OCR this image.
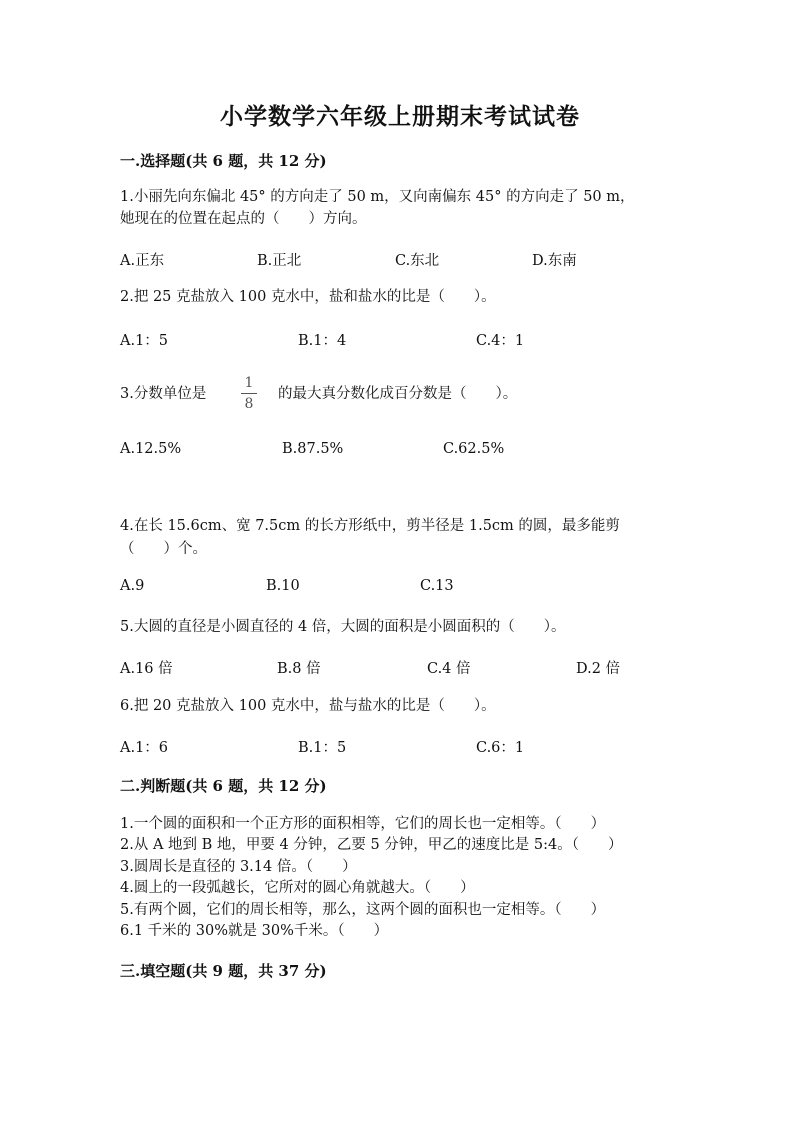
小学数学六年级上册期末考试试卷
一.选择题(共 6 题，共 12 分)
1.小丽先向东偏北 45° 的方向走了 50 m，又向南偏东 45° 的方向走了 50 m，
她现在的位置在起点的（　　）方向。
A.正东	B.正北	C.东北	D.东南
2.把 25 克盐放入 100 克水中，盐和盐水的比是（　　）。
A.1：5	B.1：4	C.4：1
3.分数单位是
1
8
的最大真分数化成百分数是（　　）。
A.12.5%	B.87.5%	C.62.5%
4.在长 15.6cm、宽 7.5cm 的长方形纸中，剪半径是 1.5cm 的圆，最多能剪
（　　）个。
A.9	B.10	C.13
5.大圆的直径是小圆直径的 4 倍，大圆的面积是小圆面积的（　　）。
A.16 倍	B.8 倍	C.4 倍	D.2 倍
6.把 20 克盐放入 100 克水中，盐与盐水的比是（　　）。
A.1：6	B.1：5	C.6：1
二.判断题(共 6 题，共 12 分)
1.一个圆的面积和一个正方形的面积相等，它们的周长也一定相等。（　　）
2.从 A 地到 B 地，甲要 4 分钟，乙要 5 分钟，甲乙的速度比是 5:4。（　　）
3.圆周长是直径的 3.14 倍。（　　）
4.圆上的一段弧越长，它所对的圆心角就越大。（　　）
5.有两个圆，它们的周长相等，那么，这两个圆的面积也一定相等。（　　）
6.1 千米的 30%就是 30%千米。（　　）
三.填空题(共 9 题，共 37 分)
